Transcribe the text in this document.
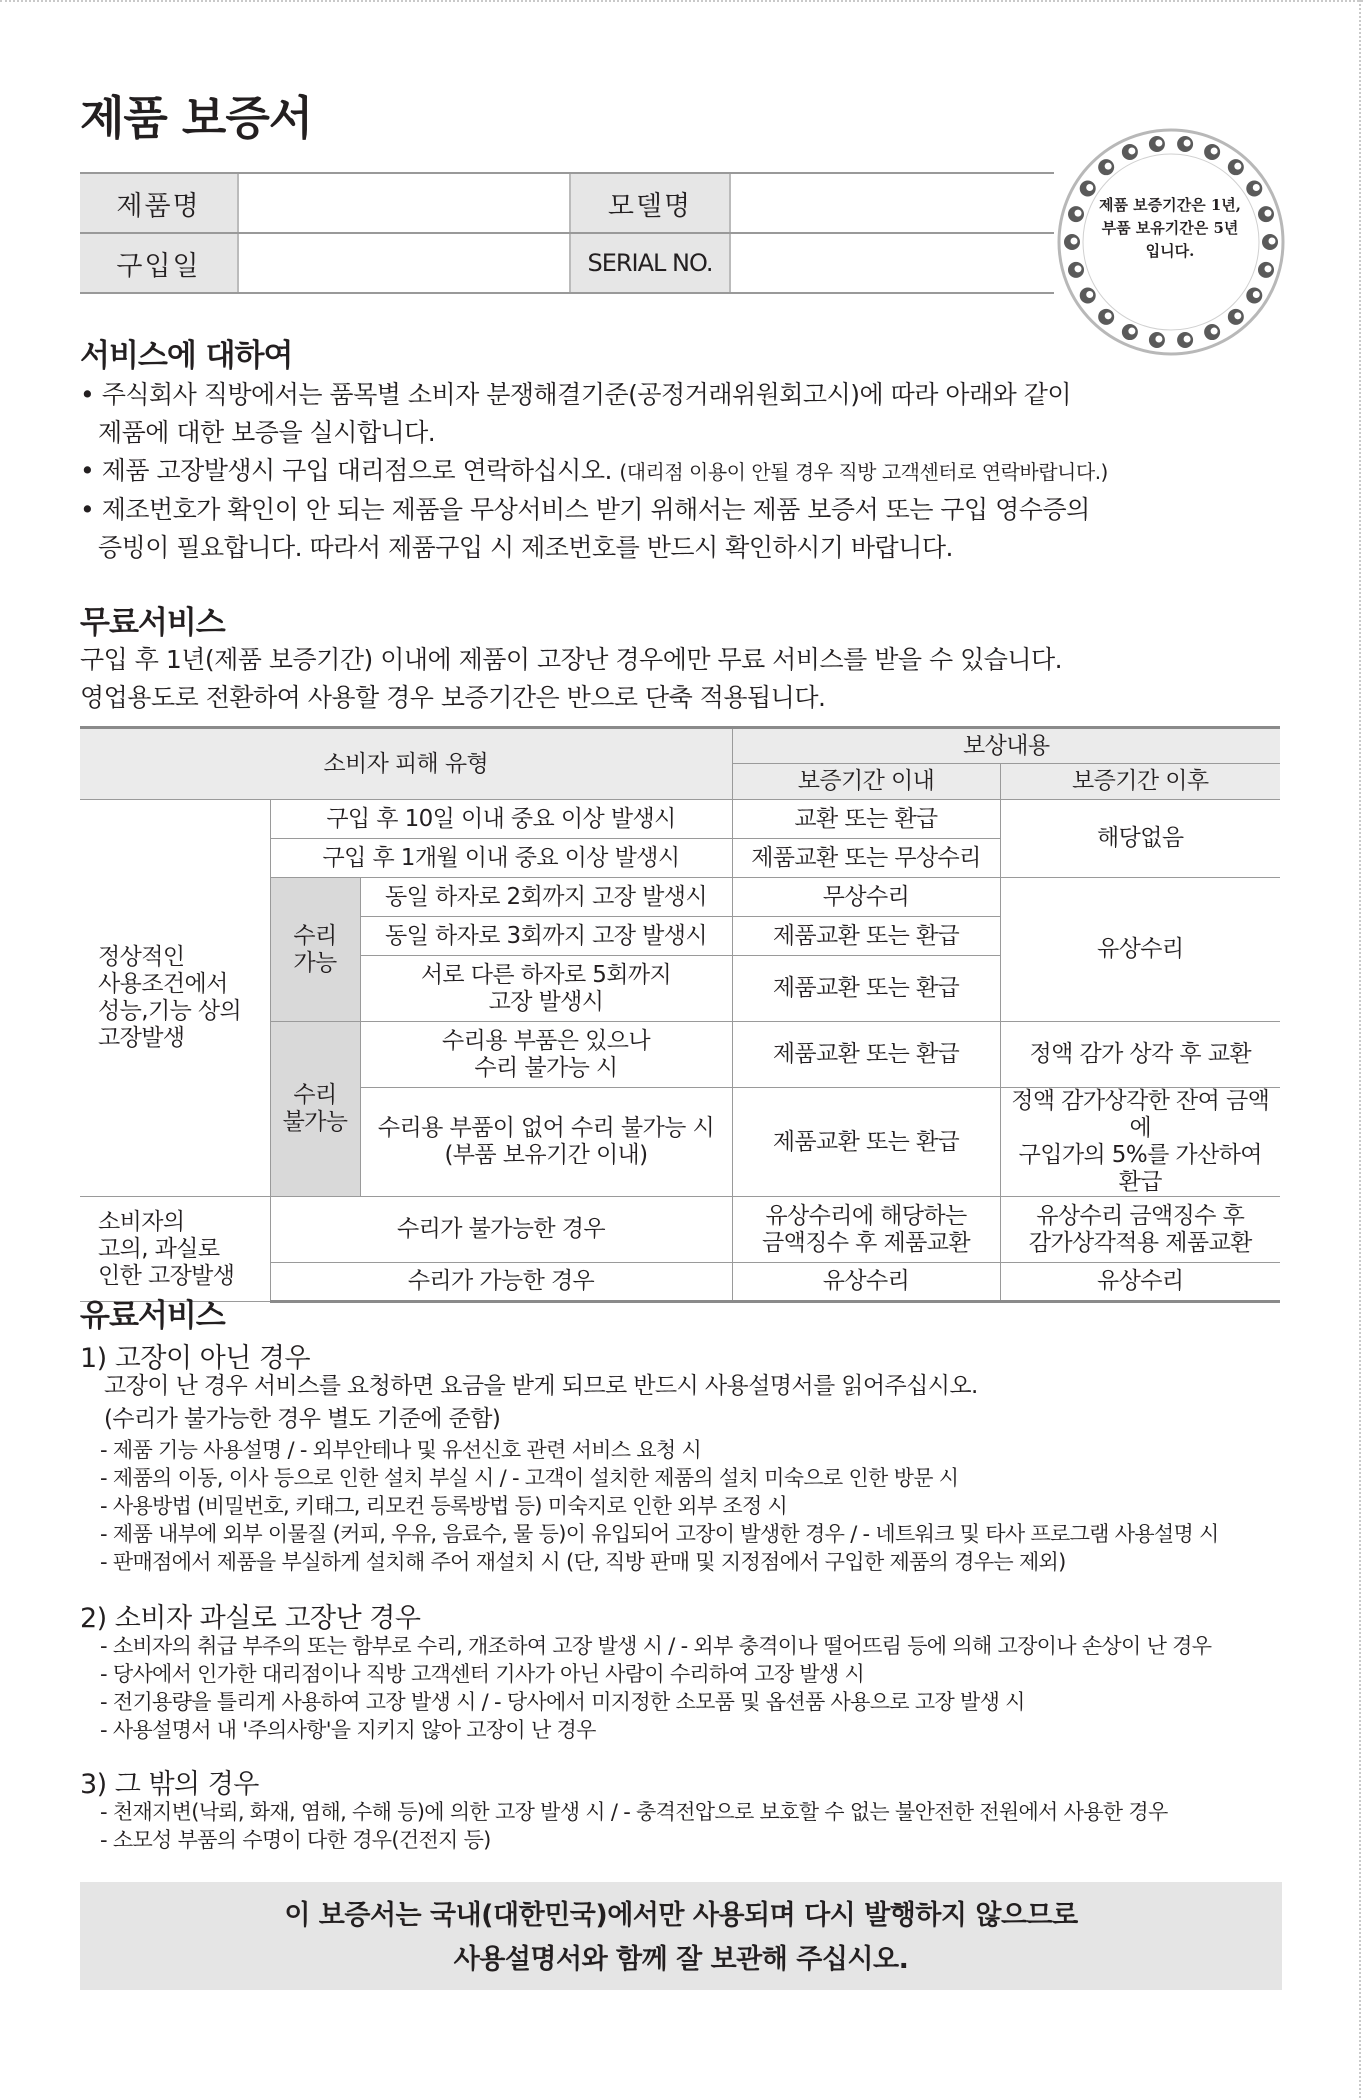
제품 보증서
제품명		모델명	
구입일		SERIAL NO.	
제품 보증기간은 1년,
부품 보유기간은 5년
입니다.
서비스에 대하여
• 주식회사 직방에서는 품목별 소비자 분쟁해결기준(공정거래위원회고시)에 따라 아래와 같이
제품에 대한 보증을 실시합니다.
• 제품 고장발생시 구입 대리점으로 연락하십시오. (대리점 이용이 안될 경우 직방 고객센터로 연락바랍니다.)
• 제조번호가 확인이 안 되는 제품을 무상서비스 받기 위해서는 제품 보증서 또는 구입 영수증의
증빙이 필요합니다. 따라서 제품구입 시 제조번호를 반드시 확인하시기 바랍니다.
무료서비스
구입 후 1년(제품 보증기간) 이내에 제품이 고장난 경우에만 무료 서비스를 받을 수 있습니다.
영업용도로 전환하여 사용할 경우 보증기간은 반으로 단축 적용됩니다.
소비자 피해 유형			보상내용	
			보증기간 이내	보증기간 이후
정상적인
사용조건에서
성능,기능 상의
고장발생	구입 후 10일 이내 중요 이상 발생시		교환 또는 환급	해당없음
	구입 후 1개월 이내 중요 이상 발생시		제품교환 또는 무상수리	
	수리
가능	동일 하자로 2회까지 고장 발생시	무상수리	유상수리
		동일 하자로 3회까지 고장 발생시	제품교환 또는 환급	
		서로 다른 하자로 5회까지
고장 발생시	제품교환 또는 환급	
	수리
불가능	수리용 부품은 있으나
수리 불가능 시	제품교환 또는 환급	정액 감가 상각 후 교환
		수리용 부품이 없어 수리 불가능 시
(부품 보유기간 이내)	제품교환 또는 환급	정액 감가상각한 잔여 금액에
구입가의 5%를 가산하여 환급
소비자의
고의, 과실로
인한 고장발생	수리가 불가능한 경우		유상수리에 해당하는
금액징수 후 제품교환	유상수리 금액징수 후
감가상각적용 제품교환
	수리가 가능한 경우		유상수리	유상수리
유료서비스
1) 고장이 아닌 경우
고장이 난 경우 서비스를 요청하면 요금을 받게 되므로 반드시 사용설명서를 읽어주십시오.
(수리가 불가능한 경우 별도 기준에 준함)
- 제품 기능 사용설명 / - 외부안테나 및 유선신호 관련 서비스 요청 시
- 제품의 이동, 이사 등으로 인한 설치 부실 시 / - 고객이 설치한 제품의 설치 미숙으로 인한 방문 시
- 사용방법 (비밀번호, 키태그, 리모컨 등록방법 등) 미숙지로 인한 외부 조정 시
- 제품 내부에 외부 이물질 (커피, 우유, 음료수, 물 등)이 유입되어 고장이 발생한 경우 / - 네트워크 및 타사 프로그램 사용설명 시
- 판매점에서 제품을 부실하게 설치해 주어 재설치 시 (단, 직방 판매 및 지정점에서 구입한 제품의 경우는 제외)
2) 소비자 과실로 고장난 경우
- 소비자의 취급 부주의 또는 함부로 수리, 개조하여 고장 발생 시 / - 외부 충격이나 떨어뜨림 등에 의해 고장이나 손상이 난 경우
- 당사에서 인가한 대리점이나 직방 고객센터 기사가 아닌 사람이 수리하여 고장 발생 시
- 전기용량을 틀리게 사용하여 고장 발생 시 / - 당사에서 미지정한 소모품 및 옵션품 사용으로 고장 발생 시
- 사용설명서 내 '주의사항'을 지키지 않아 고장이 난 경우
3) 그 밖의 경우
- 천재지변(낙뢰, 화재, 염해, 수해 등)에 의한 고장 발생 시 / - 충격전압으로 보호할 수 없는 불안전한 전원에서 사용한 경우
- 소모성 부품의 수명이 다한 경우(건전지 등)
이 보증서는 국내(대한민국)에서만 사용되며 다시 발행하지 않으므로
사용설명서와 함께 잘 보관해 주십시오.
